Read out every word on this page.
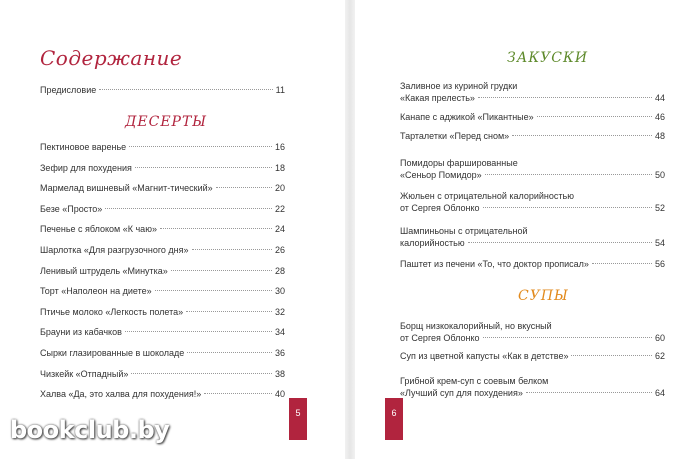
Содержание
Предисловие	11
ДЕСЕРТЫ
Пектиновое варенье	16
Зефир для похудения	18
Мармелад вишневый «Магнит-тический»	20
Безе «Просто»	22
Печенье с яблоком «К чаю»	24
Шарлотка «Для разгрузочного дня»	26
Ленивый штрудель «Минутка»	28
Торт «Наполеон на диете»	30
Птичье молоко «Легкость полета»	32
Брауни из кабачков	34
Сырки глазированные в шоколаде	36
Чизкейк «Отпадный»	38
Халва «Да, это халва для похудения!»	40
5
ЗАКУСКИ
Заливное из куриной грудки
«Какая прелесть»	44
Канапе с аджикой «Пикантные»	46
Тарталетки «Перед сном»	48
Помидоры фаршированные
«Сеньор Помидор»	50
Жюльен с отрицательной калорийностью
от Сергея Облонко	52
Шампиньоны с отрицательной
калорийностью	54
Паштет из печени «То, что доктор прописал»	56
СУПЫ
Борщ низкокалорийный, но вкусный
от Сергея Облонко	60
Суп из цветной капусты «Как в детстве»	62
Грибной крем-суп с соевым белком
«Лучший суп для похудения»	64
6
bookclub.by
